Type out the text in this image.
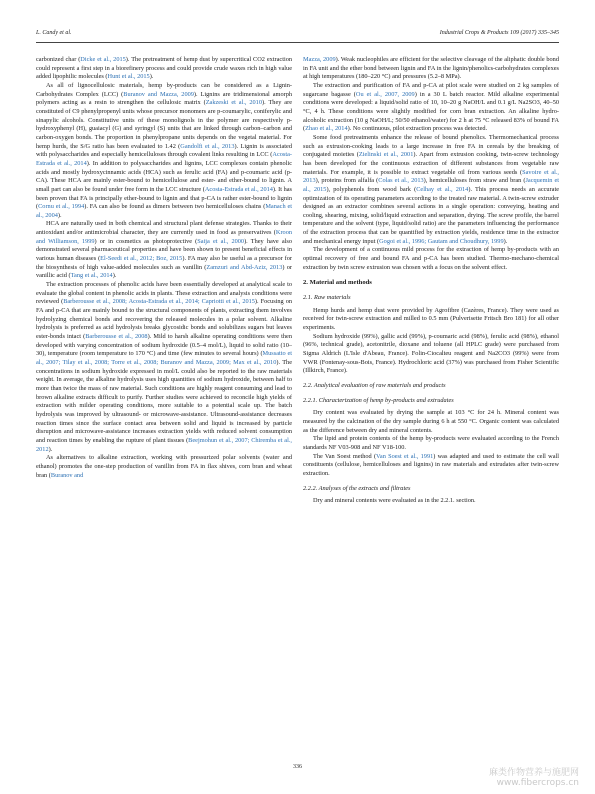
L. Candy et al.	Industrial Crops & Products 109 (2017) 335–345

carbonized char (Dicke et al., 2015). The pretreatment of hemp dust by supercritical CO2 extraction could represent a first step in a biorefinery process and could provide crude waxes rich in high value added lipophilic molecules (Hunt et al., 2015).

As all of lignocellulosic materials, hemp by-products can be considered as a Lignin-Carbohydrates Complex (LCC) (Buranov and Mazza, 2009). Lignins are tridimensional amorph polymers acting as a resin to strengthen the cellulosic matrix (Zakzeski et al., 2010). They are constituted of C9 phenylpropenyl units whose precursor monomers are p-coumarylic, coniferylic and sinapylic alcohols. Constitutive units of these monolignols in the polymer are respectively p-hydroxyphenyl (H), guaiacyl (G) and syringyl (S) units that are linked through carbon–carbon and carbon-oxygen bonds. The proportion in phenylpropane units depends on the vegetal material. For hemp hurds, the S/G ratio has been evaluated to 1.42 (Gandolfi et al., 2013). Lignin is associated with polysaccharides and especially hemicelluloses through covalent links resulting in LCC (Acosta-Estrada et al., 2014). In addition to polysaccharides and lignins, LCC complexes contain phenolic acids and mostly hydroxycinnamic acids (HCA) such as ferulic acid (FA) and p-coumaric acid (p-CA). These HCA are mainly ester-bound to hemicellulose and ester- and ether-bound to lignin. A small part can also be found under free form in the LCC structure (Acosta-Estrada et al., 2014). It has been proven that FA is principally ether-bound to lignin and that p-CA is rather ester-bound to lignin (Cornu et al., 1994). FA can also be found as dimers between two hemicelluloses chains (Manach et al., 2004).

HCA are naturally used in both chemical and structural plant defense strategies. Thanks to their antioxidant and/or antimicrobial character, they are currently used in food as preservatives (Kroon and Williamson, 1999) or in cosmetics as photoprotective (Saija et al., 2000). They have also demonstrated several pharmaceutical properties and have been shown to present beneficial effects in various human diseases (El-Seedi et al., 2012; Boz, 2015). FA may also be useful as a precursor for the biosynthesis of high value-added molecules such as vanillin (Zamzuri and Abd-Aziz, 2013) or vanillic acid (Tang et al., 2014).

The extraction processes of phenolic acids have been essentially developed at analytical scale to evaluate the global content in phenolic acids in plants. These extraction and analysis conditions were reviewed (Barberousse et al., 2008; Acosta-Estrada et al., 2014; Capriotti et al., 2015). Focusing on FA and p-CA that are mainly bound to the structural components of plants, extracting them involves hydrolyzing chemical bonds and recovering the released molecules in a polar solvent. Alkaline hydrolysis is preferred as acid hydrolysis breaks glycosidic bonds and solubilizes sugars but leaves ester-bonds intact (Barberousse et al., 2008). Mild to harsh alkaline operating conditions were then developed with varying concentration of sodium hydroxide (0.5–4 mol/L), liquid to solid ratio (10–30), temperature (room temperature to 170 °C) and time (few minutes to several hours) (Mussatto et al., 2007; Tilay et al., 2008; Torre et al., 2008; Buranov and Mazza, 2009; Max et al., 2010). The concentrations in sodium hydroxide expressed in mol/L could also be reported to the raw materials weight. In average, the alkaline hydrolysis uses high quantities of sodium hydroxide, between half to more than twice the mass of raw material. Such conditions are highly reagent consuming and lead to brown alkaline extracts difficult to purify. Further studies were achieved to reconcile high yields of extraction with milder operating conditions, more suitable to a potential scale up. The batch hydrolysis was improved by ultrasound- or microwave-assistance. Ultrasound-assistance decreases reaction times since the surface contact area between solid and liquid is increased by particle disruption and microwave-assistance increases extraction yields with reduced solvent consumption and reaction times by enabling the rupture of plant tissues (Beejmohun et al., 2007; Chiremba et al., 2012).

As alternatives to alkaline extraction, working with pressurized polar solvents (water and ethanol) promotes the one-step production of vanillin from FA in flax shives, corn bran and wheat bran (Buranov and

Mazza, 2009). Weak nucleophiles are efficient for the selective cleavage of the aliphatic double bond in FA unit and the ether bond between lignin and FA in the lignin/phenolics-carbohydrates complexes at high temperatures (180–220 °C) and pressures (5.2–8 MPa).

The extraction and purification of FA and p-CA at pilot scale were studied on 2 kg samples of sugarcane bagasse (Ou et al., 2007, 2009) in a 30 L batch reactor. Mild alkaline experimental conditions were developed: a liquid/solid ratio of 10, 10–20 g NaOH/L and 0.1 g/L Na2SO3, 40–50 °C, 4 h. These conditions were slightly modified for corn bran extraction. An alkaline hydro-alcoholic extraction (10 g NaOH/L; 50/50 ethanol/water) for 2 h at 75 °C released 83% of bound FA (Zhao et al., 2014). No continuous, pilot extraction process was detected.

Some food pretreatments enhance the release of bound phenolics. Thermomechanical process such as extrusion-cooking leads to a large increase in free FA in cereals by the breaking of conjugated moieties (Zielinski et al., 2001). Apart from extrusion cooking, twin-screw technology has been developed for the continuous extraction of different substances from vegetable raw materials. For example, it is possible to extract vegetable oil from various seeds (Savoire et al., 2013), proteins from alfalfa (Colas et al., 2013), hemicelluloses from straw and bran (Jacquemin et al., 2015), polyphenols from wood bark (Celhay et al., 2014). This process needs an accurate optimization of its operating parameters according to the treated raw material. A twin-screw extruder designed as an extractor combines several actions in a single operation: conveying, heating and cooling, shearing, mixing, solid/liquid extraction and separation, drying. The screw profile, the barrel temperature and the solvent (type, liquid/solid ratio) are the parameters influencing the performance of the extraction process that can be quantified by extraction yields, residence time in the extractor and mechanical energy input (Gogoi et al., 1996; Gautam and Choudhury, 1999).

The development of a continuous mild process for the extraction of hemp by-products with an optimal recovery of free and bound FA and p-CA has been studied. Thermo-mechano-chemical extraction by twin screw extrusion was chosen with a focus on the solvent effect.

2. Material and methods
2.1. Raw materials

Hemp hurds and hemp dust were provided by Agrofibre (Cazères, France). They were used as received for twin-screw extraction and milled to 0.5 mm (Pulverisette Fritsch Bro 181) for all other experiments.

Sodium hydroxide (99%), gallic acid (99%), p-coumaric acid (98%), ferulic acid (98%), ethanol (96%, technical grade), acetonitrile, dioxane and toluene (all HPLC grade) were purchased from Sigma Aldrich (L'Isle d'Abeau, France). Folin-Ciocalteu reagent and Na2CO3 (99%) were from VWR (Fontenay-sous-Bois, France). Hydrochloric acid (37%) was purchased from Fisher Scientific (Illkirch, France).

2.2. Analytical evaluation of raw materials and products
2.2.1. Characterization of hemp by-products and extrudates

Dry content was evaluated by drying the sample at 103 °C for 24 h. Mineral content was measured by the calcination of the dry sample during 6 h at 550 °C. Organic content was calculated as the difference between dry and mineral contents.

The lipid and protein contents of the hemp by-products were evaluated according to the French standards NF V03-908 and NF V18-100.

The Van Soest method (Van Soest et al., 1991) was adapted and used to estimate the cell wall constituents (cellulose, hemicelluloses and lignins) in raw materials and extrudates after twin-screw extraction.

2.2.2. Analyses of the extracts and filtrates

Dry and mineral contents were evaluated as in the 2.2.1. section.

336
麻类作物营养与施肥网
www.fibercrops.cn
